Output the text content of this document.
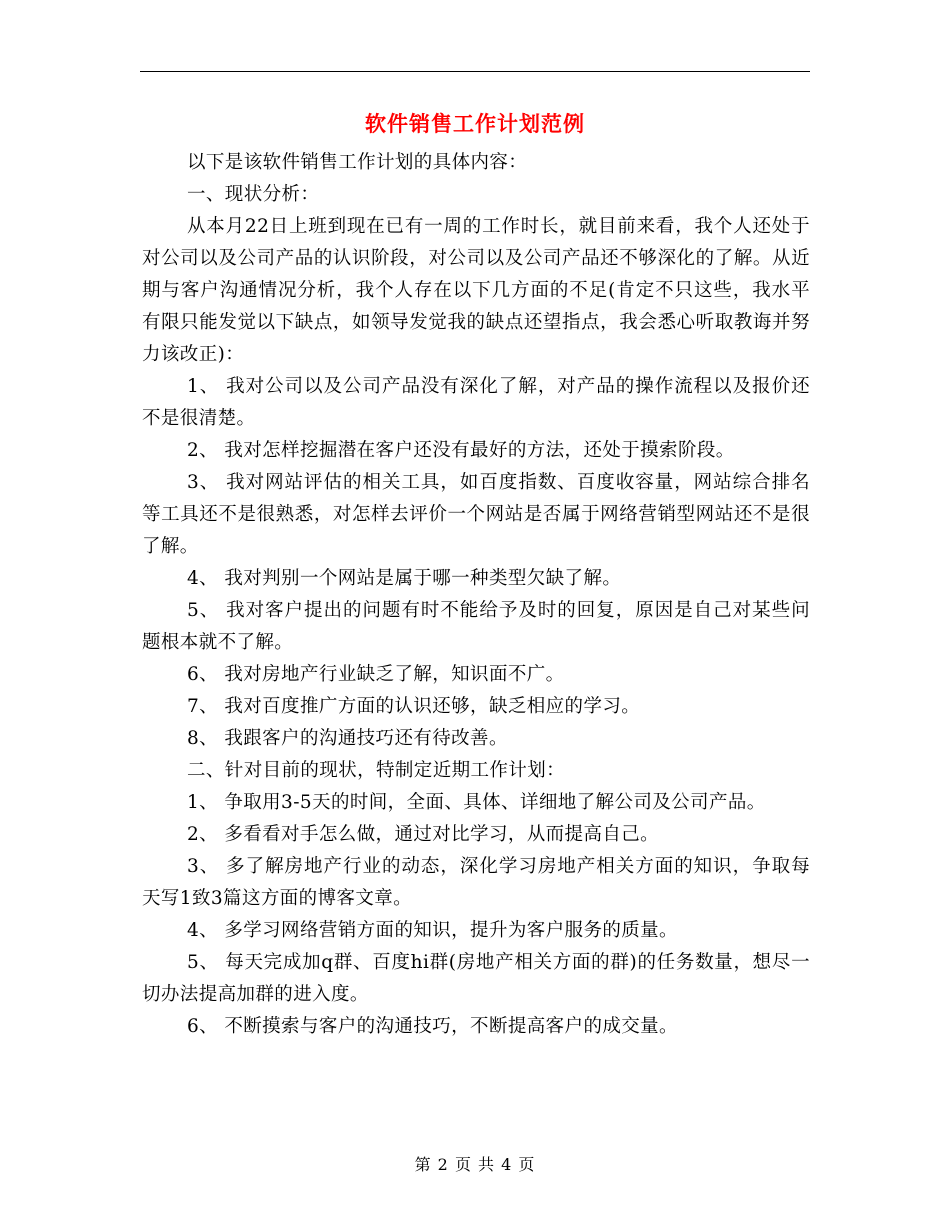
软件销售工作计划范例

以下是该软件销售工作计划的具体内容：

一、现状分析：

从本月22日上班到现在已有一周的工作时长，就目前来看，我个人还处于对公司以及公司产品的认识阶段，对公司以及公司产品还不够深化的了解。从近期与客户沟通情况分析，我个人存在以下几方面的不足(肯定不只这些，我水平有限只能发觉以下缺点，如领导发觉我的缺点还望指点，我会悉心听取教诲并努力该改正)：

1、 我对公司以及公司产品没有深化了解，对产品的操作流程以及报价还不是很清楚。

2、 我对怎样挖掘潜在客户还没有最好的方法，还处于摸索阶段。

3、 我对网站评估的相关工具，如百度指数、百度收容量，网站综合排名等工具还不是很熟悉，对怎样去评价一个网站是否属于网络营销型网站还不是很了解。

4、 我对判别一个网站是属于哪一种类型欠缺了解。

5、 我对客户提出的问题有时不能给予及时的回复，原因是自己对某些问题根本就不了解。

6、 我对房地产行业缺乏了解，知识面不广。

7、 我对百度推广方面的认识还够，缺乏相应的学习。

8、 我跟客户的沟通技巧还有待改善。

二、针对目前的现状，特制定近期工作计划：

1、 争取用3-5天的时间，全面、具体、详细地了解公司及公司产品。

2、 多看看对手怎么做，通过对比学习，从而提高自己。

3、 多了解房地产行业的动态，深化学习房地产相关方面的知识，争取每天写1致3篇这方面的博客文章。

4、 多学习网络营销方面的知识，提升为客户服务的质量。

5、 每天完成加q群、百度hi群(房地产相关方面的群)的任务数量，想尽一切办法提高加群的进入度。

6、 不断摸索与客户的沟通技巧，不断提高客户的成交量。

第 2 页 共 4 页
